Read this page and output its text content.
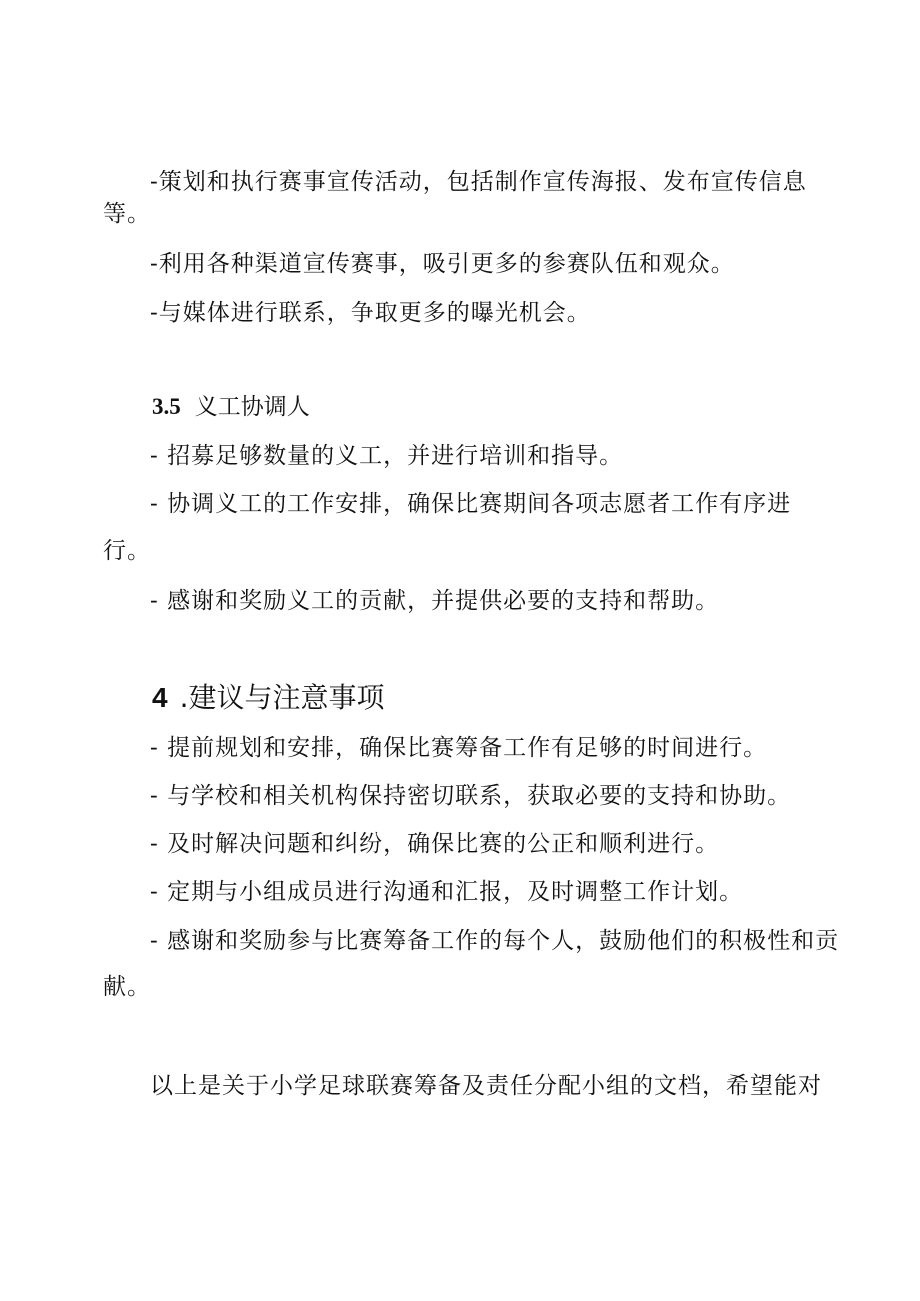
-策划和执行赛事宣传活动，包括制作宣传海报、发布宣传信息
等。
-利用各种渠道宣传赛事，吸引更多的参赛队伍和观众。
-与媒体进行联系，争取更多的曝光机会。
3.5 义工协调人
- 招募足够数量的义工，并进行培训和指导。
- 协调义工的工作安排，确保比赛期间各项志愿者工作有序进
行。
- 感谢和奖励义工的贡献，并提供必要的支持和帮助。
4 .建议与注意事项
- 提前规划和安排，确保比赛筹备工作有足够的时间进行。
- 与学校和相关机构保持密切联系，获取必要的支持和协助。
- 及时解决问题和纠纷，确保比赛的公正和顺利进行。
- 定期与小组成员进行沟通和汇报，及时调整工作计划。
- 感谢和奖励参与比赛筹备工作的每个人，鼓励他们的积极性和贡
献。
以上是关于小学足球联赛筹备及责任分配小组的文档，希望能对
